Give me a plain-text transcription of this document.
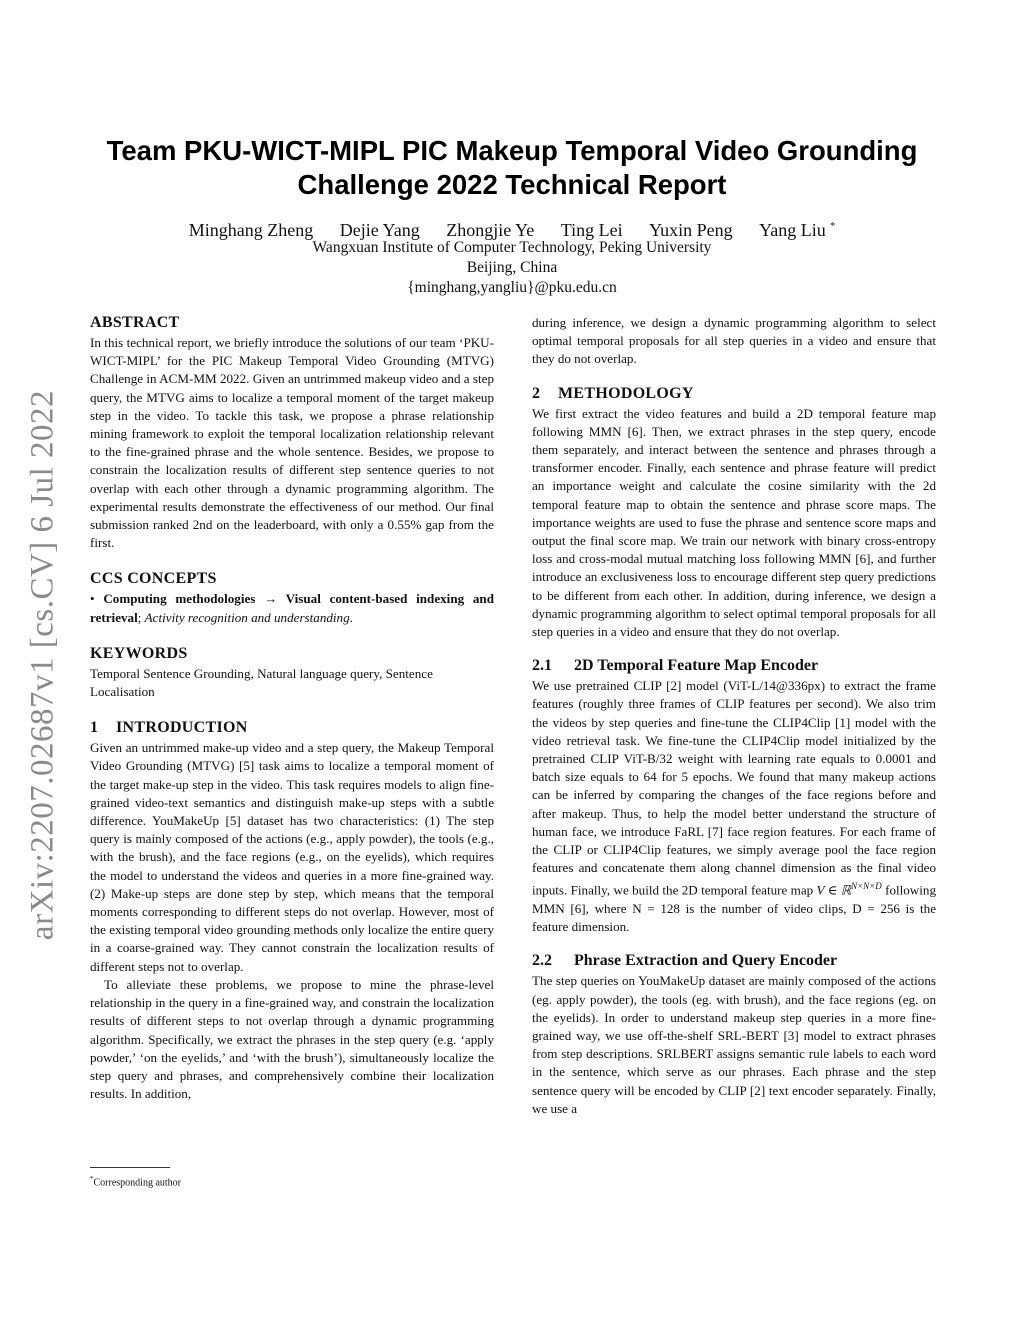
arXiv:2207.02687v1 [cs.CV] 6 Jul 2022
Team PKU-WICT-MIPL PIC Makeup Temporal Video Grounding
Challenge 2022 Technical Report
Minghang Zheng Dejie Yang Zhongjie Ye Ting Lei Yuxin Peng Yang Liu *
Wangxuan Institute of Computer Technology, Peking University
Beijing, China
{minghang,yangliu}@pku.edu.cn
ABSTRACT

In this technical report, we briefly introduce the solutions of our team ‘PKU-WICT-MIPL’ for the PIC Makeup Temporal Video Grounding (MTVG) Challenge in ACM-MM 2022. Given an untrimmed makeup video and a step query, the MTVG aims to localize a temporal moment of the target makeup step in the video. To tackle this task, we propose a phrase relationship mining framework to exploit the temporal localization relationship relevant to the fine-grained phrase and the whole sentence. Besides, we propose to constrain the localization results of different step sentence queries to not overlap with each other through a dynamic programming algorithm. The experimental results demonstrate the effectiveness of our method. Our final submission ranked 2nd on the leaderboard, with only a 0.55% gap from the first.

CCS CONCEPTS

• Computing methodologies → Visual content-based indexing and retrieval; Activity recognition and understanding.

KEYWORDS

Temporal Sentence Grounding, Natural language query, Sentence Localisation

1 INTRODUCTION

Given an untrimmed make-up video and a step query, the Makeup Temporal Video Grounding (MTVG) [5] task aims to localize a temporal moment of the target make-up step in the video. This task requires models to align fine-grained video-text semantics and distinguish make-up steps with a subtle difference. YouMakeUp [5] dataset has two characteristics: (1) The step query is mainly composed of the actions (e.g., apply powder), the tools (e.g., with the brush), and the face regions (e.g., on the eyelids), which requires the model to understand the videos and queries in a more fine-grained way. (2) Make-up steps are done step by step, which means that the temporal moments corresponding to different steps do not overlap. However, most of the existing temporal video grounding methods only localize the entire query in a coarse-grained way. They cannot constrain the localization results of different steps not to overlap.

To alleviate these problems, we propose to mine the phrase-level relationship in the query in a fine-grained way, and constrain the localization results of different steps to not overlap through a dynamic programming algorithm. Specifically, we extract the phrases in the step query (e.g. ‘apply powder,’ ‘on the eyelids,’ and ‘with the brush’), simultaneously localize the step query and phrases, and comprehensively combine their localization results. In addition,

during inference, we design a dynamic programming algorithm to select optimal temporal proposals for all step queries in a video and ensure that they do not overlap.

2 METHODOLOGY

We first extract the video features and build a 2D temporal feature map following MMN [6]. Then, we extract phrases in the step query, encode them separately, and interact between the sentence and phrases through a transformer encoder. Finally, each sentence and phrase feature will predict an importance weight and calculate the cosine similarity with the 2d temporal feature map to obtain the sentence and phrase score maps. The importance weights are used to fuse the phrase and sentence score maps and output the final score map. We train our network with binary cross-entropy loss and cross-modal mutual matching loss following MMN [6], and further introduce an exclusiveness loss to encourage different step query predictions to be different from each other. In addition, during inference, we design a dynamic programming algorithm to select optimal temporal proposals for all step queries in a video and ensure that they do not overlap.

2.1 2D Temporal Feature Map Encoder

We use pretrained CLIP [2] model (ViT-L/14@336px) to extract the frame features (roughly three frames of CLIP features per second). We also trim the videos by step queries and fine-tune the CLIP4Clip [1] model with the video retrieval task. We fine-tune the CLIP4Clip model initialized by the pretrained CLIP ViT-B/32 weight with learning rate equals to 0.0001 and batch size equals to 64 for 5 epochs. We found that many makeup actions can be inferred by comparing the changes of the face regions before and after makeup. Thus, to help the model better understand the structure of human face, we introduce FaRL [7] face region features. For each frame of the CLIP or CLIP4Clip features, we simply average pool the face region features and concatenate them along channel dimension as the final video inputs. Finally, we build the 2D temporal feature map V ∈ ℝ$^{N\times N\times D}$ following MMN [6], where N = 128 is the number of video clips, D = 256 is the feature dimension.

2.2 Phrase Extraction and Query Encoder

The step queries on YouMakeUp dataset are mainly composed of the actions (eg. apply powder), the tools (eg. with brush), and the face regions (eg. on the eyelids). In order to understand makeup step queries in a more fine-grained way, we use off-the-shelf SRL-BERT [3] model to extract phrases from step descriptions. SRLBERT assigns semantic rule labels to each word in the sentence, which serve as our phrases. Each phrase and the step sentence query will be encoded by CLIP [2] text encoder separately. Finally, we use a

*Corresponding author
